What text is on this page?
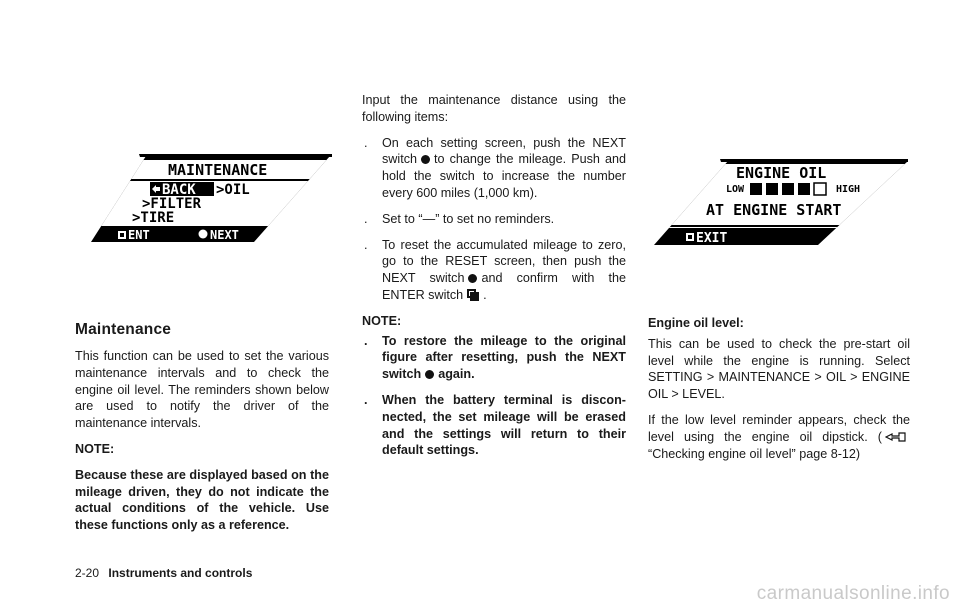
MAINTENANCE
BACK >OIL
>FILTER
>TIRE
ENT	NEXT
ENGINE OIL
LOW	HIGH
AT ENGINE START
EXIT
Maintenance
This function can be used to set the various maintenance intervals and to check the engine oil level. The reminders shown below are used to notify the driver of the maintenance intervals.
NOTE:
Because these are displayed based on the mileage driven, they do not indicate the actual conditions of the vehicle. Use these functions only as a reference.
Input the maintenance distance using the following items:
. On each setting screen, push the NEXT switch to change the mileage. Push and hold the switch to increase the number every 600 miles (1,000 km).
. Set to “—” to set no reminders.
. To reset the accumulated mileage to zero, go to the RESET screen, then push the NEXT switch and confirm with the ENTER switch .
NOTE:
. To restore the mileage to the original figure after resetting, push the NEXT switch again.
. When the battery terminal is discon-nected, the set mileage will be erased and the settings will return to their default settings.
Engine oil level:
This can be used to check the pre-start oil level while the engine is running. Select SETTING > MAINTENANCE > OIL > ENGINE OIL > LEVEL.
If the low level reminder appears, check the level using the engine oil dipstick. (“Checking engine oil level” page 8-12)
2-20 Instruments and controls
carmanualsonline.info
